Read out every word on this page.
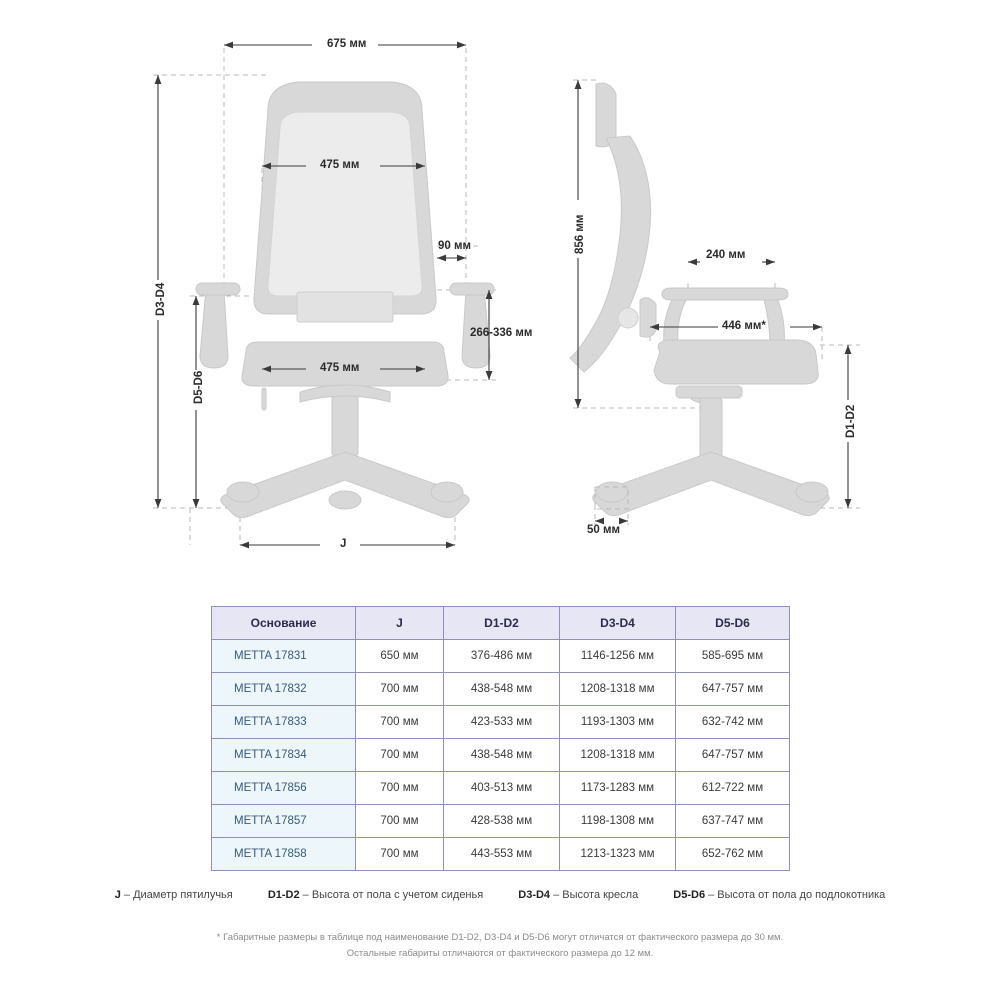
675 мм
475 мм
90 мм
266-336 мм
475 мм
D3-D4
D5-D6
J
856 мм
240 мм
446 мм*
D1-D2
50 мм
Основание	J	D1-D2	D3-D4	D5-D6
METTA 17831	650 мм	376-486 мм	1146-1256 мм	585-695 мм
METTA 17832	700 мм	438-548 мм	1208-1318 мм	647-757 мм
METTA 17833	700 мм	423-533 мм	1193-1303 мм	632-742 мм
METTA 17834	700 мм	438-548 мм	1208-1318 мм	647-757 мм
METTA 17856	700 мм	403-513 мм	1173-1283 мм	612-722 мм
METTA 17857	700 мм	428-538 мм	1198-1308 мм	637-747 мм
METTA 17858	700 мм	443-553 мм	1213-1323 мм	652-762 мм
J – Диаметр пятилучья	D1-D2 – Высота от пола с учетом сиденья	D3-D4 – Высота кресла	D5-D6 – Высота от пола до подлокотника
* Габаритные размеры в таблице под наименование D1-D2, D3-D4 и D5-D6 могут отличатся от фактического размера до 30 мм.
Остальные габариты отличаются от фактического размера до 12 мм.
